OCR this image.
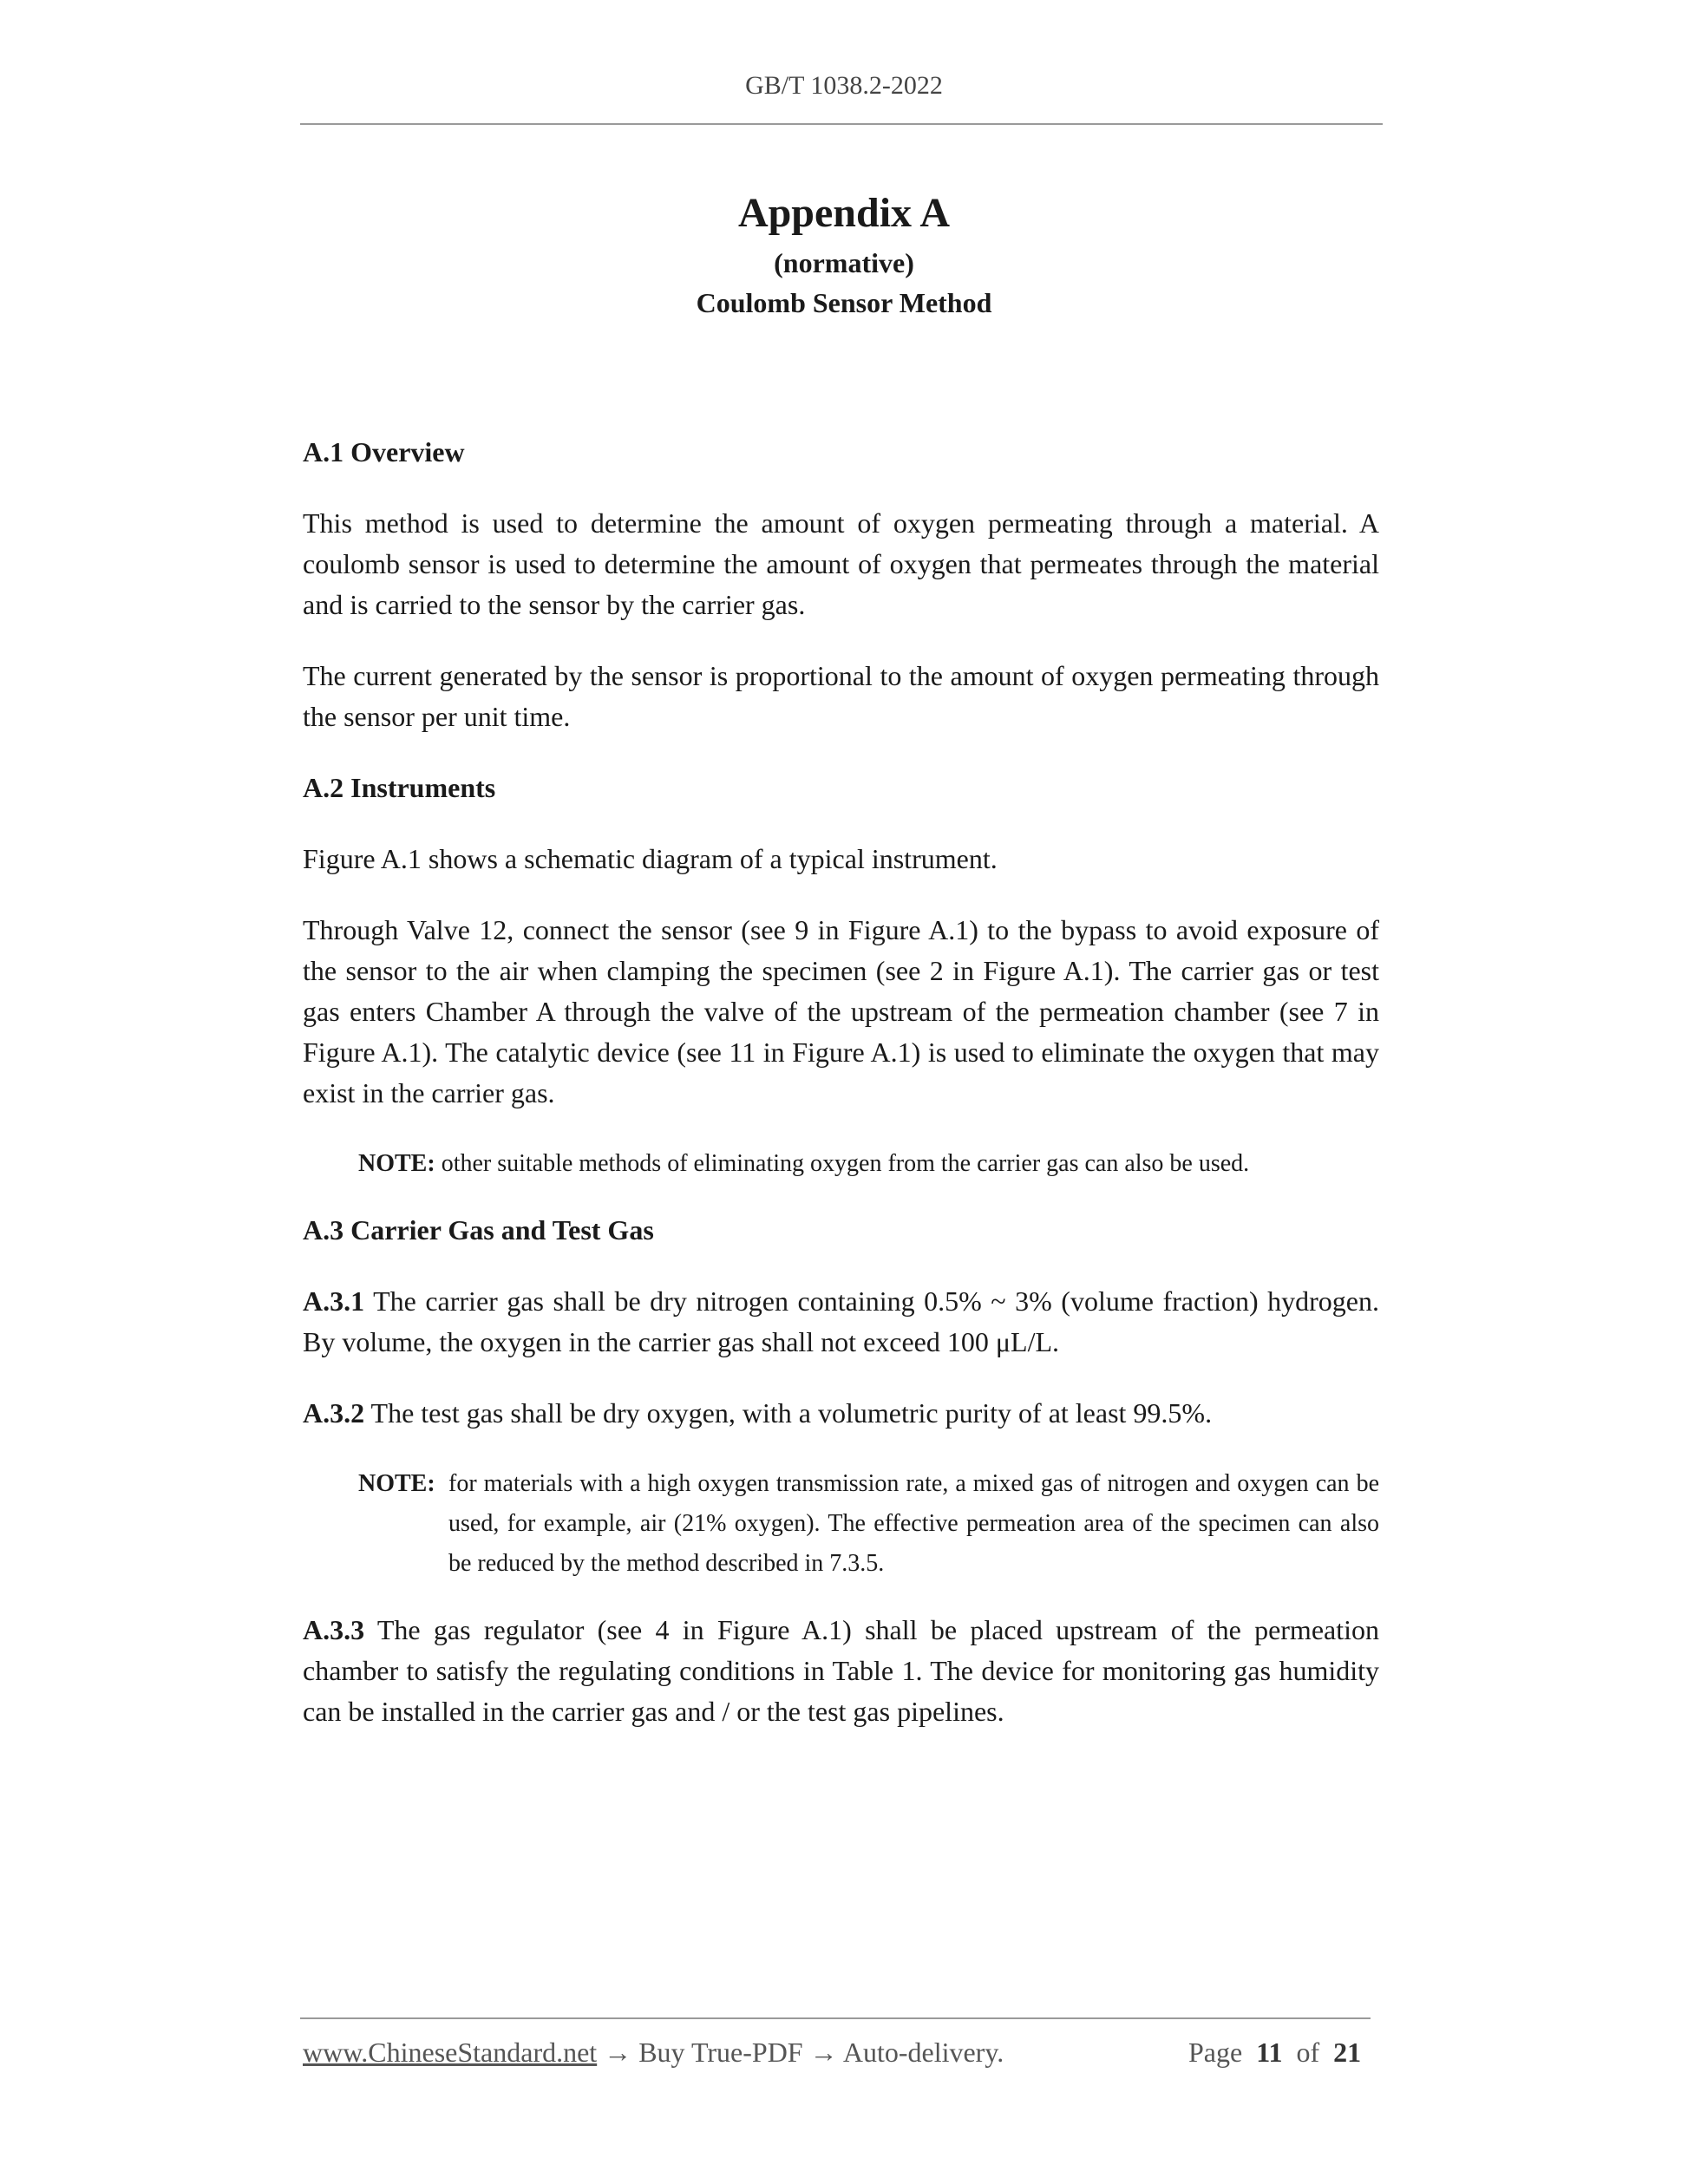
GB/T 1038.2-2022
Appendix A
(normative)
Coulomb Sensor Method
A.1 Overview

This method is used to determine the amount of oxygen permeating through a material. A coulomb sensor is used to determine the amount of oxygen that permeates through the material and is carried to the sensor by the carrier gas.

The current generated by the sensor is proportional to the amount of oxygen permeating through the sensor per unit time.

A.2 Instruments

Figure A.1 shows a schematic diagram of a typical instrument.

Through Valve 12, connect the sensor (see 9 in Figure A.1) to the bypass to avoid exposure of the sensor to the air when clamping the specimen (see 2 in Figure A.1). The carrier gas or test gas enters Chamber A through the valve of the upstream of the permeation chamber (see 7 in Figure A.1). The catalytic device (see 11 in Figure A.1) is used to eliminate the oxygen that may exist in the carrier gas.

NOTE: other suitable methods of eliminating oxygen from the carrier gas can also be used.
A.3 Carrier Gas and Test Gas

A.3.1 The carrier gas shall be dry nitrogen containing 0.5% ~ 3% (volume fraction) hydrogen. By volume, the oxygen in the carrier gas shall not exceed 100 μL/L.

A.3.2 The test gas shall be dry oxygen, with a volumetric purity of at least 99.5%.

NOTE: for materials with a high oxygen transmission rate, a mixed gas of nitrogen and oxygen can be used, for example, air (21% oxygen). The effective permeation area of the specimen can also be reduced by the method described in 7.3.5.

A.3.3 The gas regulator (see 4 in Figure A.1) shall be placed upstream of the permeation chamber to satisfy the regulating conditions in Table 1. The device for monitoring gas humidity can be installed in the carrier gas and / or the test gas pipelines.

www.ChineseStandard.net → Buy True-PDF → Auto-delivery.	Page 11 of 21
